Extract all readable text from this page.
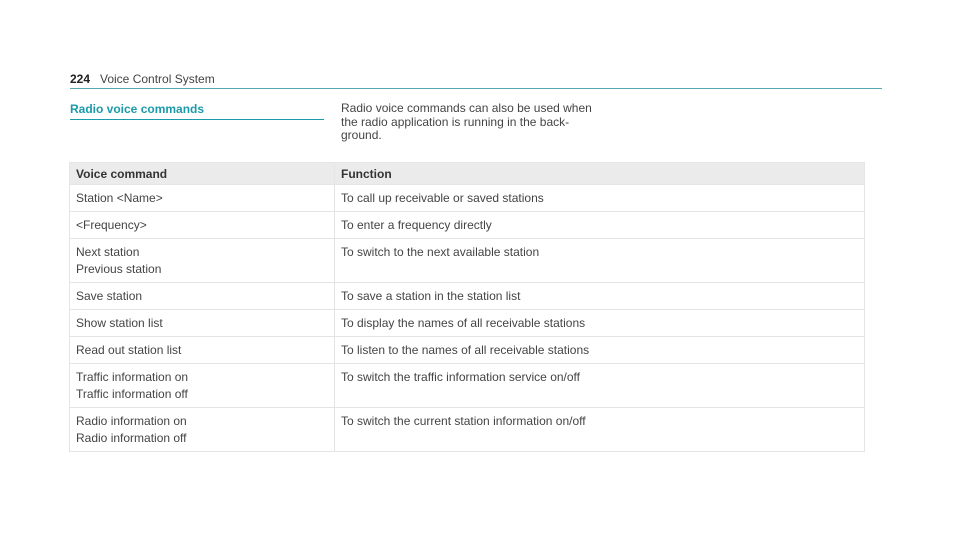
224 Voice Control System
Radio voice commands	Radio voice commands can also be used when the radio application is running in the back-ground.
Voice command	Function

Station <Name>	To call up receivable or saved stations

<Frequency>	To enter a frequency directly

Next station
Previous station	To switch to the next available station

Save station	To save a station in the station list

Show station list	To display the names of all receivable stations

Read out station list	To listen to the names of all receivable stations

Traffic information on
Traffic information off	To switch the traffic information service on/off

Radio information on
Radio information off	To switch the current station information on/off
